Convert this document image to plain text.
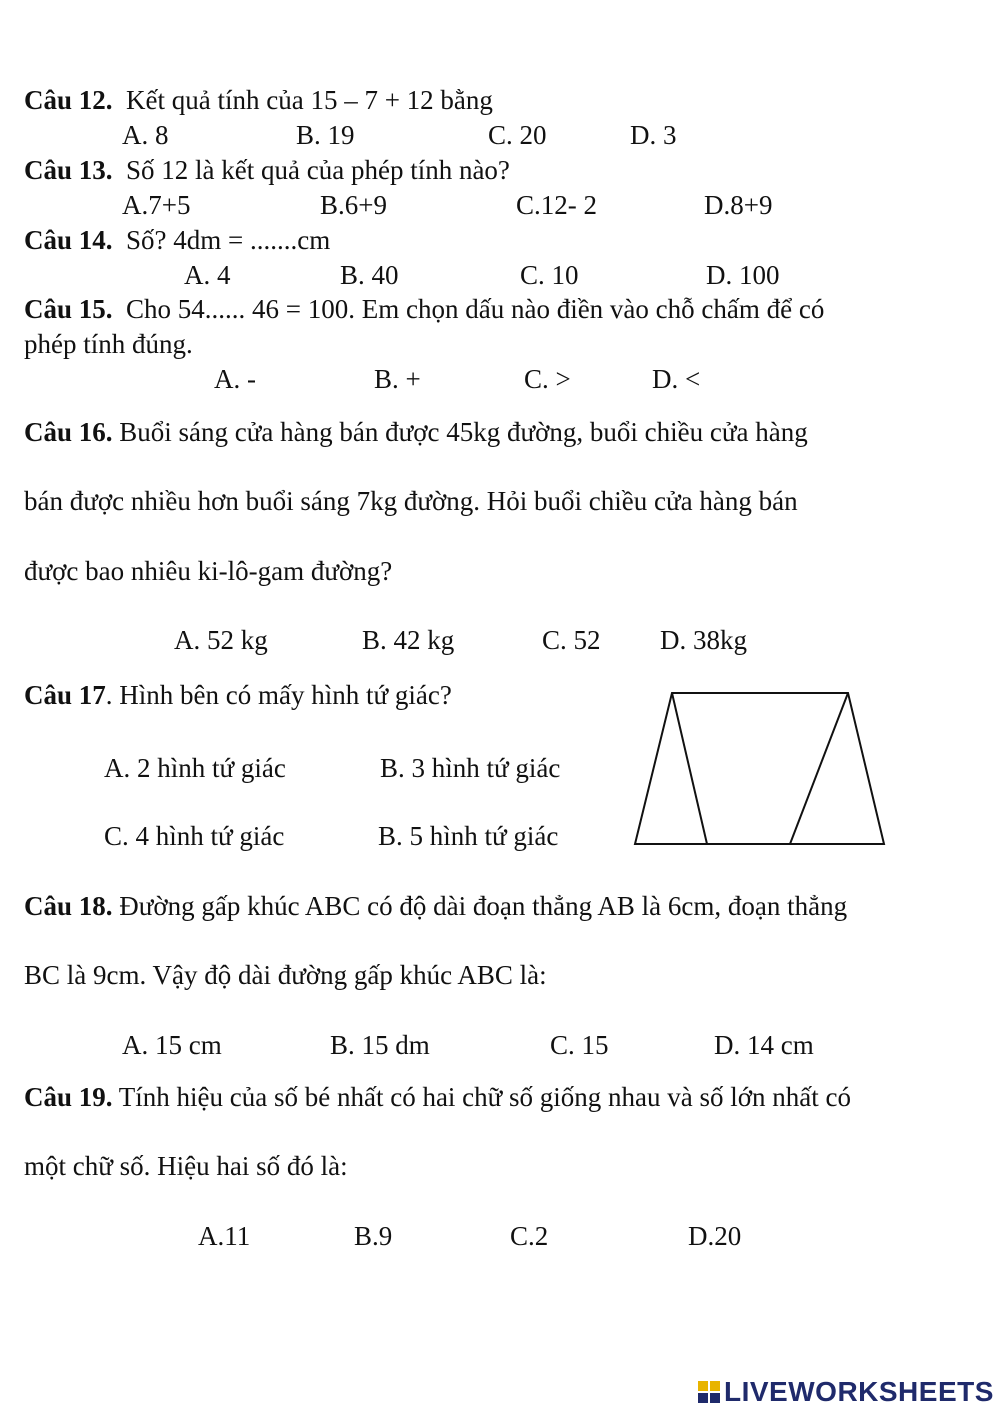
Câu 12. Kết quả tính của 15 – 7 + 12 bằng
A. 8	B. 19	C. 20	D. 3
Câu 13. Số 12 là kết quả của phép tính nào?
A.7+5	B.6+9	C.12- 2	D.8+9
Câu 14. Số? 4dm = .......cm
A. 4	B. 40	C. 10	D. 100
Câu 15. Cho 54...... 46 = 100. Em chọn dấu nào điền vào chỗ chấm để có
phép tính đúng.
A. -	B. +	C. >	D. <
Câu 16. Buổi sáng cửa hàng bán được 45kg đường, buổi chiều cửa hàng
bán được nhiều hơn buổi sáng 7kg đường. Hỏi buổi chiều cửa hàng bán
được bao nhiêu ki-lô-gam đường?
A. 52 kg	B. 42 kg	C. 52 D. 38kg
Câu 17. Hình bên có mấy hình tứ giác?
A. 2 hình tứ giác	B. 3 hình tứ giác
C. 4 hình tứ giác	B. 5 hình tứ giác
Câu 18. Đường gấp khúc ABC có độ dài đoạn thẳng AB là 6cm, đoạn thẳng
BC là 9cm. Vậy độ dài đường gấp khúc ABC là:
A. 15 cm	B. 15 dm	C. 15	D. 14 cm
Câu 19. Tính hiệu của số bé nhất có hai chữ số giống nhau và số lớn nhất có
một chữ số. Hiệu hai số đó là:
A.11	B.9	C.2	D.20
LIVEWORKSHEETS
